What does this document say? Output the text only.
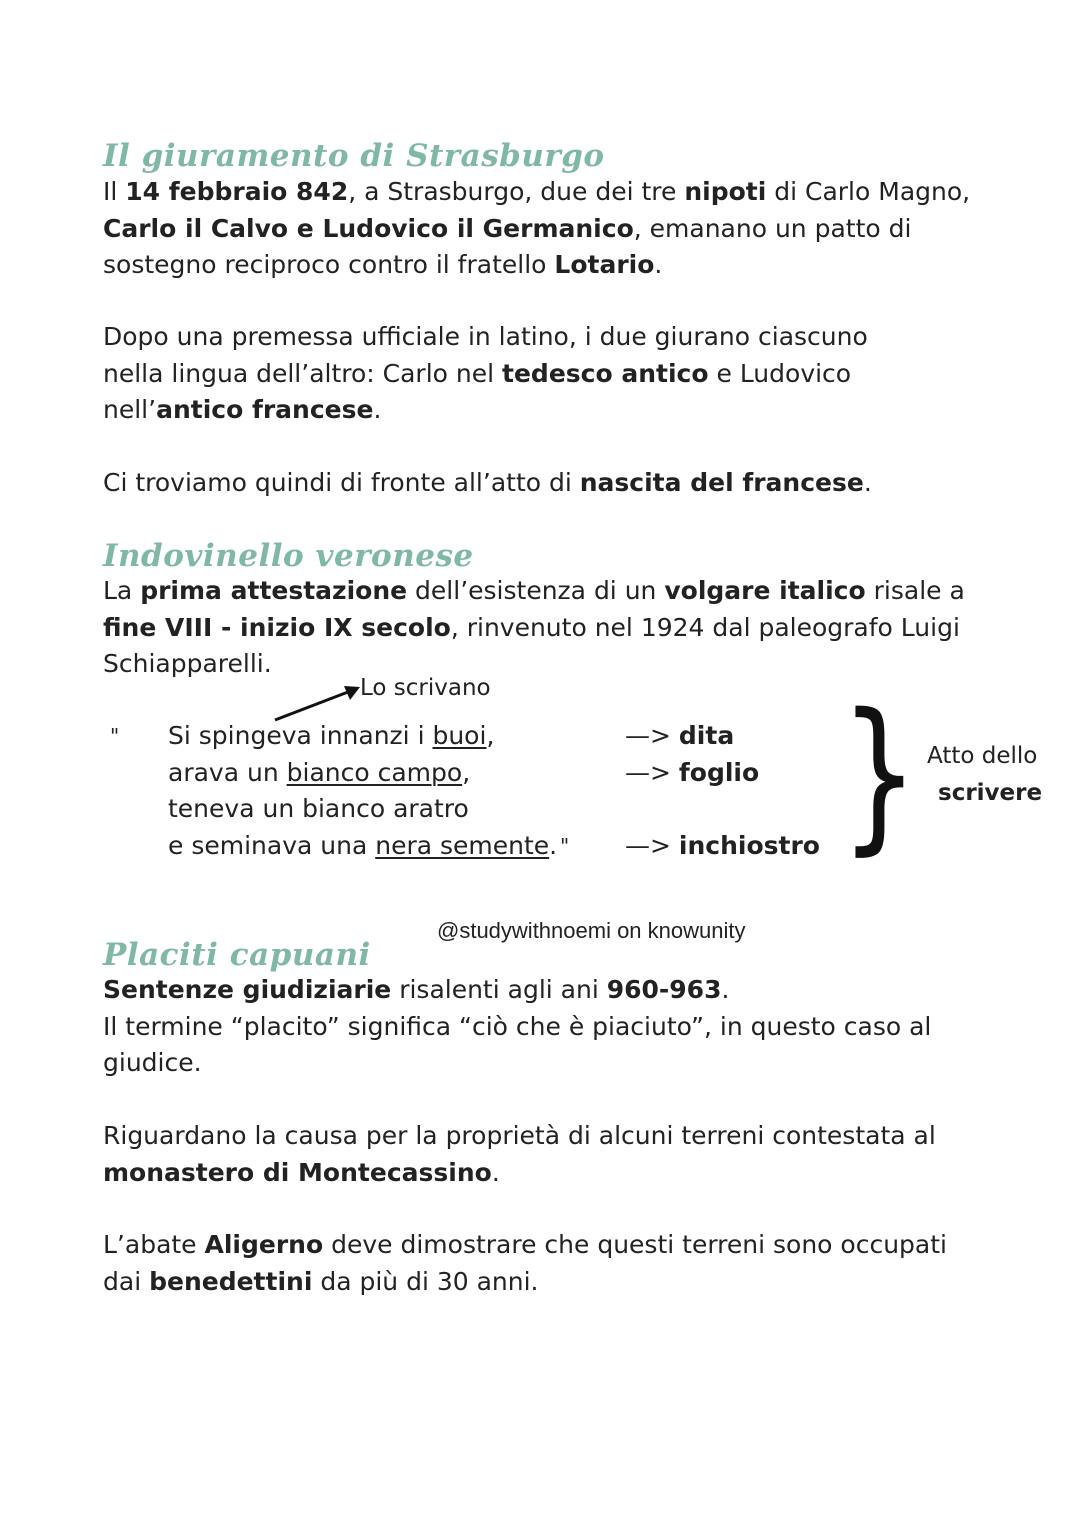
Il giuramento di Strasburgo

Il 14 febbraio 842, a Strasburgo, due dei tre nipoti di Carlo Magno, Carlo il Calvo e Ludovico il Germanico, emanano un patto di sostegno reciproco contro il fratello Lotario.

Dopo una premessa ufficiale in latino, i due giurano ciascuno nella lingua dell’altro: Carlo nel tedesco antico e Ludovico nell’antico francese.

Ci troviamo quindi di fronte all’atto di nascita del francese.

Indovinello veronese

La prima attestazione dell’esistenza di un volgare italico risale a fine VIII - inizio IX secolo, rinvenuto nel 1924 dal paleografo Luigi Schiapparelli.

Lo scrivano
" Si spingeva innanzi i buoi,
arava un bianco campo,
teneva un bianco aratro
e seminava una nera semente. "
—> dita
—> foglio
—> inchiostro } Atto dello
scrivere
@studywithnoemi on knowunity
Placiti capuani

Sentenze giudiziarie risalenti agli ani 960-963.
Il termine “placito” significa “ciò che è piaciuto”, in questo caso al giudice.

Riguardano la causa per la proprietà di alcuni terreni contestata al monastero di Montecassino.

L’abate Aligerno deve dimostrare che questi terreni sono occupati dai benedettini da più di 30 anni.
